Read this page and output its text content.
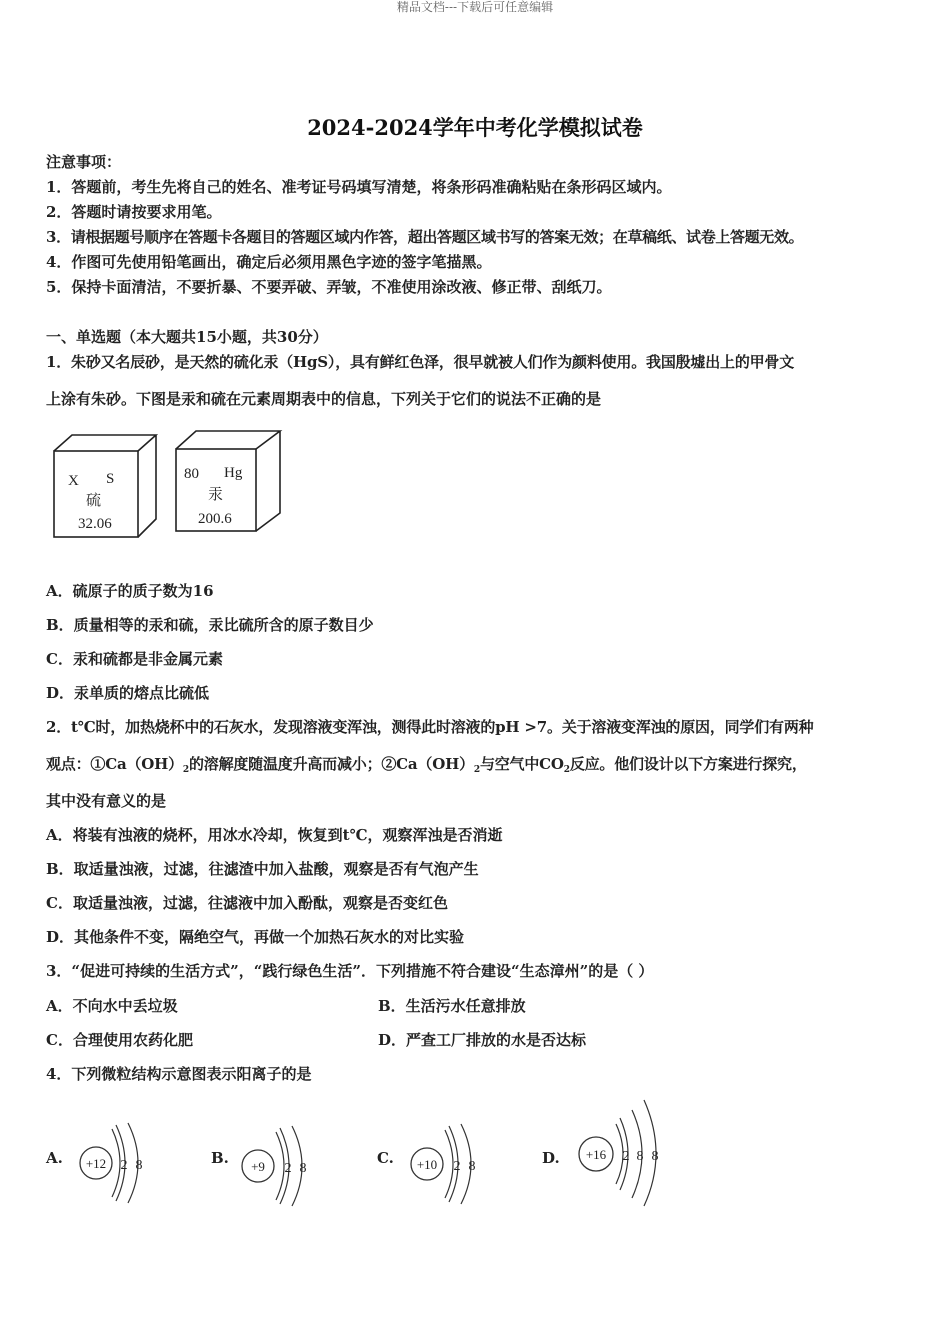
精品文档---下载后可任意编辑
2024-2024学年中考化学模拟试卷
注意事项：
1．答题前，考生先将自己的姓名、准考证号码填写清楚，将条形码准确粘贴在条形码区域内。
2．答题时请按要求用笔。
3．请根据题号顺序在答题卡各题目的答题区域内作答，超出答题区域书写的答案无效；在草稿纸、试卷上答题无效。
4．作图可先使用铅笔画出，确定后必须用黑色字迹的签字笔描黑。
5．保持卡面清洁，不要折暴、不要弄破、弄皱，不准使用涂改液、修正带、刮纸刀。
一、单选题（本大题共15小题，共30分）
1．朱砂又名辰砂，是天然的硫化汞（HgS），具有鲜红色泽，很早就被人们作为颜料使用。我国殷墟出上的甲骨文
上涂有朱砂。下图是汞和硫在元素周期表中的信息，下列关于它们的说法不正确的是
X S
硫
32.06
80 Hg
汞
200.6
A．硫原子的质子数为16
B．质量相等的汞和硫，汞比硫所含的原子数目少
C．汞和硫都是非金属元素
D．汞单质的熔点比硫低
2．t℃时，加热烧杯中的石灰水，发现溶液变浑浊，测得此时溶液的pH >7。关于溶液变浑浊的原因，同学们有两种
观点：$①Ca(OH)_2$的溶解度随温度升高而减小；$②Ca(OH)_2$与空气中$CO_2$反应。他们设计以下方案进行探究，
其中没有意义的是
A．将装有浊液的烧杯，用冰水冷却，恢复到t℃，观察浑浊是否消逝
B．取适量浊液，过滤，往滤渣中加入盐酸，观察是否有气泡产生
C．取适量浊液，过滤，往滤液中加入酚酞，观察是否变红色
D．其他条件不变，隔绝空气，再做一个加热石灰水的对比实验
3．“促进可持续的生活方式”，“践行绿色生活”．下列措施不符合建设“生态漳州”的是（ ）
A．不向水中丢垃圾	B．生活污水任意排放
C．合理使用农药化肥	D．严查工厂排放的水是否达标
4．下列微粒结构示意图表示阳离子的是
A. +12 2 8	B. +9 2 8
C. +10 2 8	D. +16 2 8 8
